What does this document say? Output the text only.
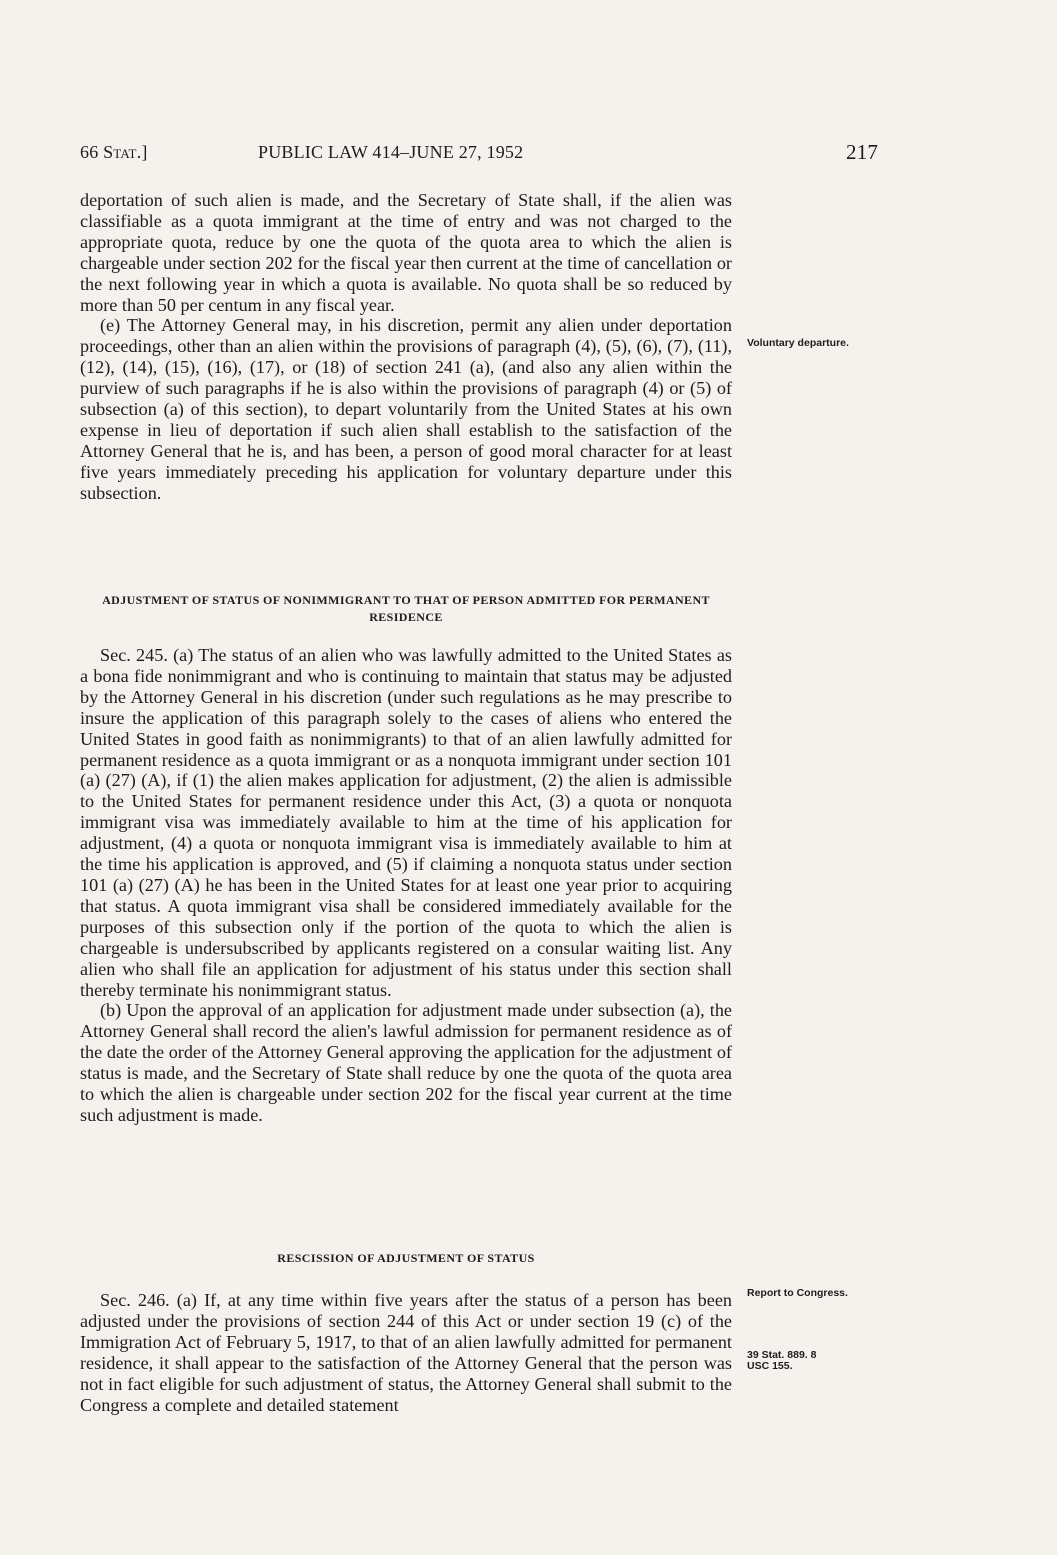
66 Stat.]	PUBLIC LAW 414–JUNE 27, 1952	217

deportation of such alien is made, and the Secretary of State shall, if the alien was classifiable as a quota immigrant at the time of entry and was not charged to the appropriate quota, reduce by one the quota of the quota area to which the alien is chargeable under section 202 for the fiscal year then current at the time of cancellation or the next following year in which a quota is available. No quota shall be so reduced by more than 50 per centum in any fiscal year.

(e) The Attorney General may, in his discretion, permit any alien under deportation proceedings, other than an alien within the provisions of paragraph (4), (5), (6), (7), (11), (12), (14), (15), (16), (17), or (18) of section 241 (a), (and also any alien within the purview of such paragraphs if he is also within the provisions of paragraph (4) or (5) of subsection (a) of this section), to depart voluntarily from the United States at his own expense in lieu of deportation if such alien shall establish to the satisfaction of the Attorney General that he is, and has been, a person of good moral character for at least five years immediately preceding his application for voluntary departure under this subsection.

Voluntary departure.
ADJUSTMENT OF STATUS OF NONIMMIGRANT TO THAT OF PERSON ADMITTED FOR PERMANENT RESIDENCE

Sec. 245. (a) The status of an alien who was lawfully admitted to the United States as a bona fide nonimmigrant and who is continuing to maintain that status may be adjusted by the Attorney General in his discretion (under such regulations as he may prescribe to insure the application of this paragraph solely to the cases of aliens who entered the United States in good faith as nonimmigrants) to that of an alien lawfully admitted for permanent residence as a quota immigrant or as a nonquota immigrant under section 101 (a) (27) (A), if (1) the alien makes application for adjustment, (2) the alien is admissible to the United States for permanent residence under this Act, (3) a quota or nonquota immigrant visa was immediately available to him at the time of his application for adjustment, (4) a quota or nonquota immigrant visa is immediately available to him at the time his application is approved, and (5) if claiming a nonquota status under section 101 (a) (27) (A) he has been in the United States for at least one year prior to acquiring that status. A quota immigrant visa shall be considered immediately available for the purposes of this subsection only if the portion of the quota to which the alien is chargeable is undersubscribed by applicants registered on a consular waiting list. Any alien who shall file an application for adjustment of his status under this section shall thereby terminate his nonimmigrant status.

(b) Upon the approval of an application for adjustment made under subsection (a), the Attorney General shall record the alien's lawful admission for permanent residence as of the date the order of the Attorney General approving the application for the adjustment of status is made, and the Secretary of State shall reduce by one the quota of the quota area to which the alien is chargeable under section 202 for the fiscal year current at the time such adjustment is made.

RESCISSION OF ADJUSTMENT OF STATUS

Sec. 246. (a) If, at any time within five years after the status of a person has been adjusted under the provisions of section 244 of this Act or under section 19 (c) of the Immigration Act of February 5, 1917, to that of an alien lawfully admitted for permanent residence, it shall appear to the satisfaction of the Attorney General that the person was not in fact eligible for such adjustment of status, the Attorney General shall submit to the Congress a complete and detailed statement

Report to Congress.
39 Stat. 889. 8 USC 155.
